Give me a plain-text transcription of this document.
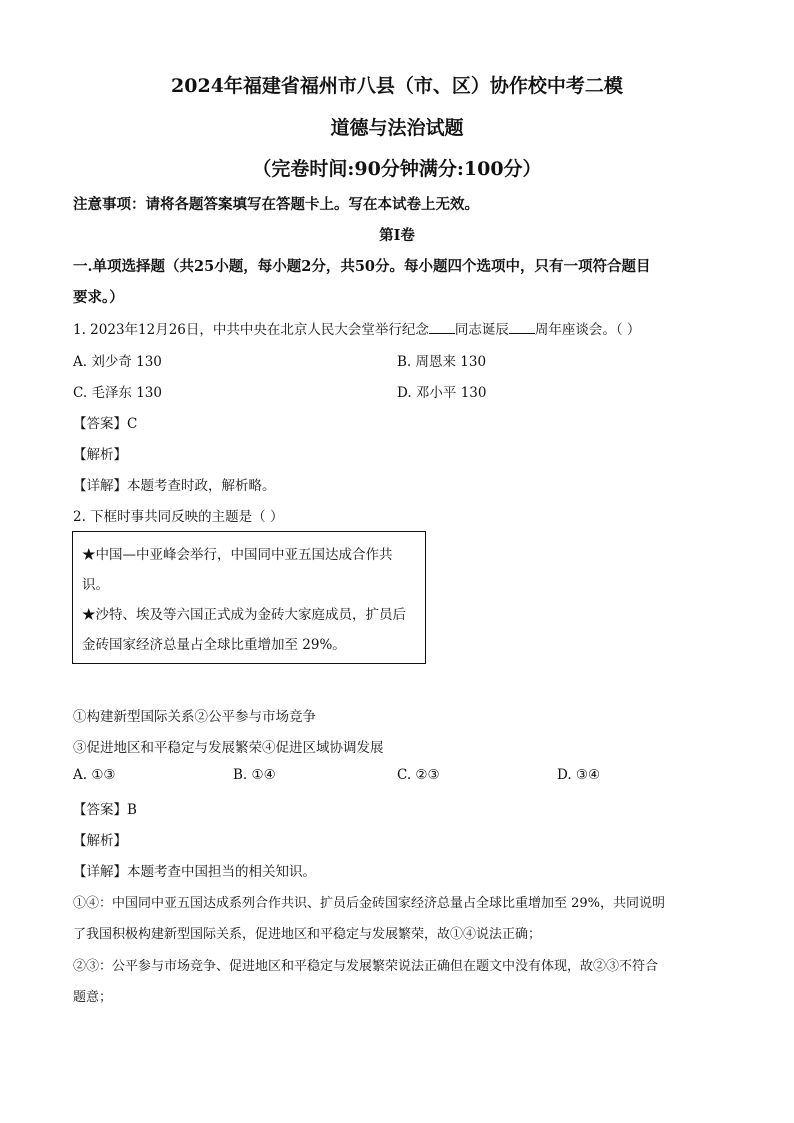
2024年福建省福州市八县（市、区）协作校中考二模
道德与法治试题
（完卷时间:90分钟满分:100分）
注意事项：请将各题答案填写在答题卡上。写在本试卷上无效。
第Ⅰ卷
一.单项选择题（共25小题，每小题2分，共50分。每小题四个选项中，只有一项符合题目
要求。）
1. 2023年12月26日，中共中央在北京人民大会堂举行纪念 同志诞辰 周年座谈会。（ ）
A. 刘少奇 130	B. 周恩来 130
C. 毛泽东 130	D. 邓小平 130
【答案】C
【解析】
【详解】本题考查时政，解析略。
2. 下框时事共同反映的主题是（ ）
★中国—中亚峰会举行，中国同中亚五国达成合作共
识。
★沙特、埃及等六国正式成为金砖大家庭成员，扩员后
金砖国家经济总量占全球比重增加至 29%。
①构建新型国际关系②公平参与市场竞争
③促进地区和平稳定与发展繁荣④促进区域协调发展
A. ①③	B. ①④	C. ②③	D. ③④
【答案】B
【解析】
【详解】本题考查中国担当的相关知识。
①④：中国同中亚五国达成系列合作共识、扩员后金砖国家经济总量占全球比重增加至 29%，共同说明
了我国积极构建新型国际关系，促进地区和平稳定与发展繁荣，故①④说法正确；
②③：公平参与市场竞争、促进地区和平稳定与发展繁荣说法正确但在题文中没有体现，故②③不符合
题意；
